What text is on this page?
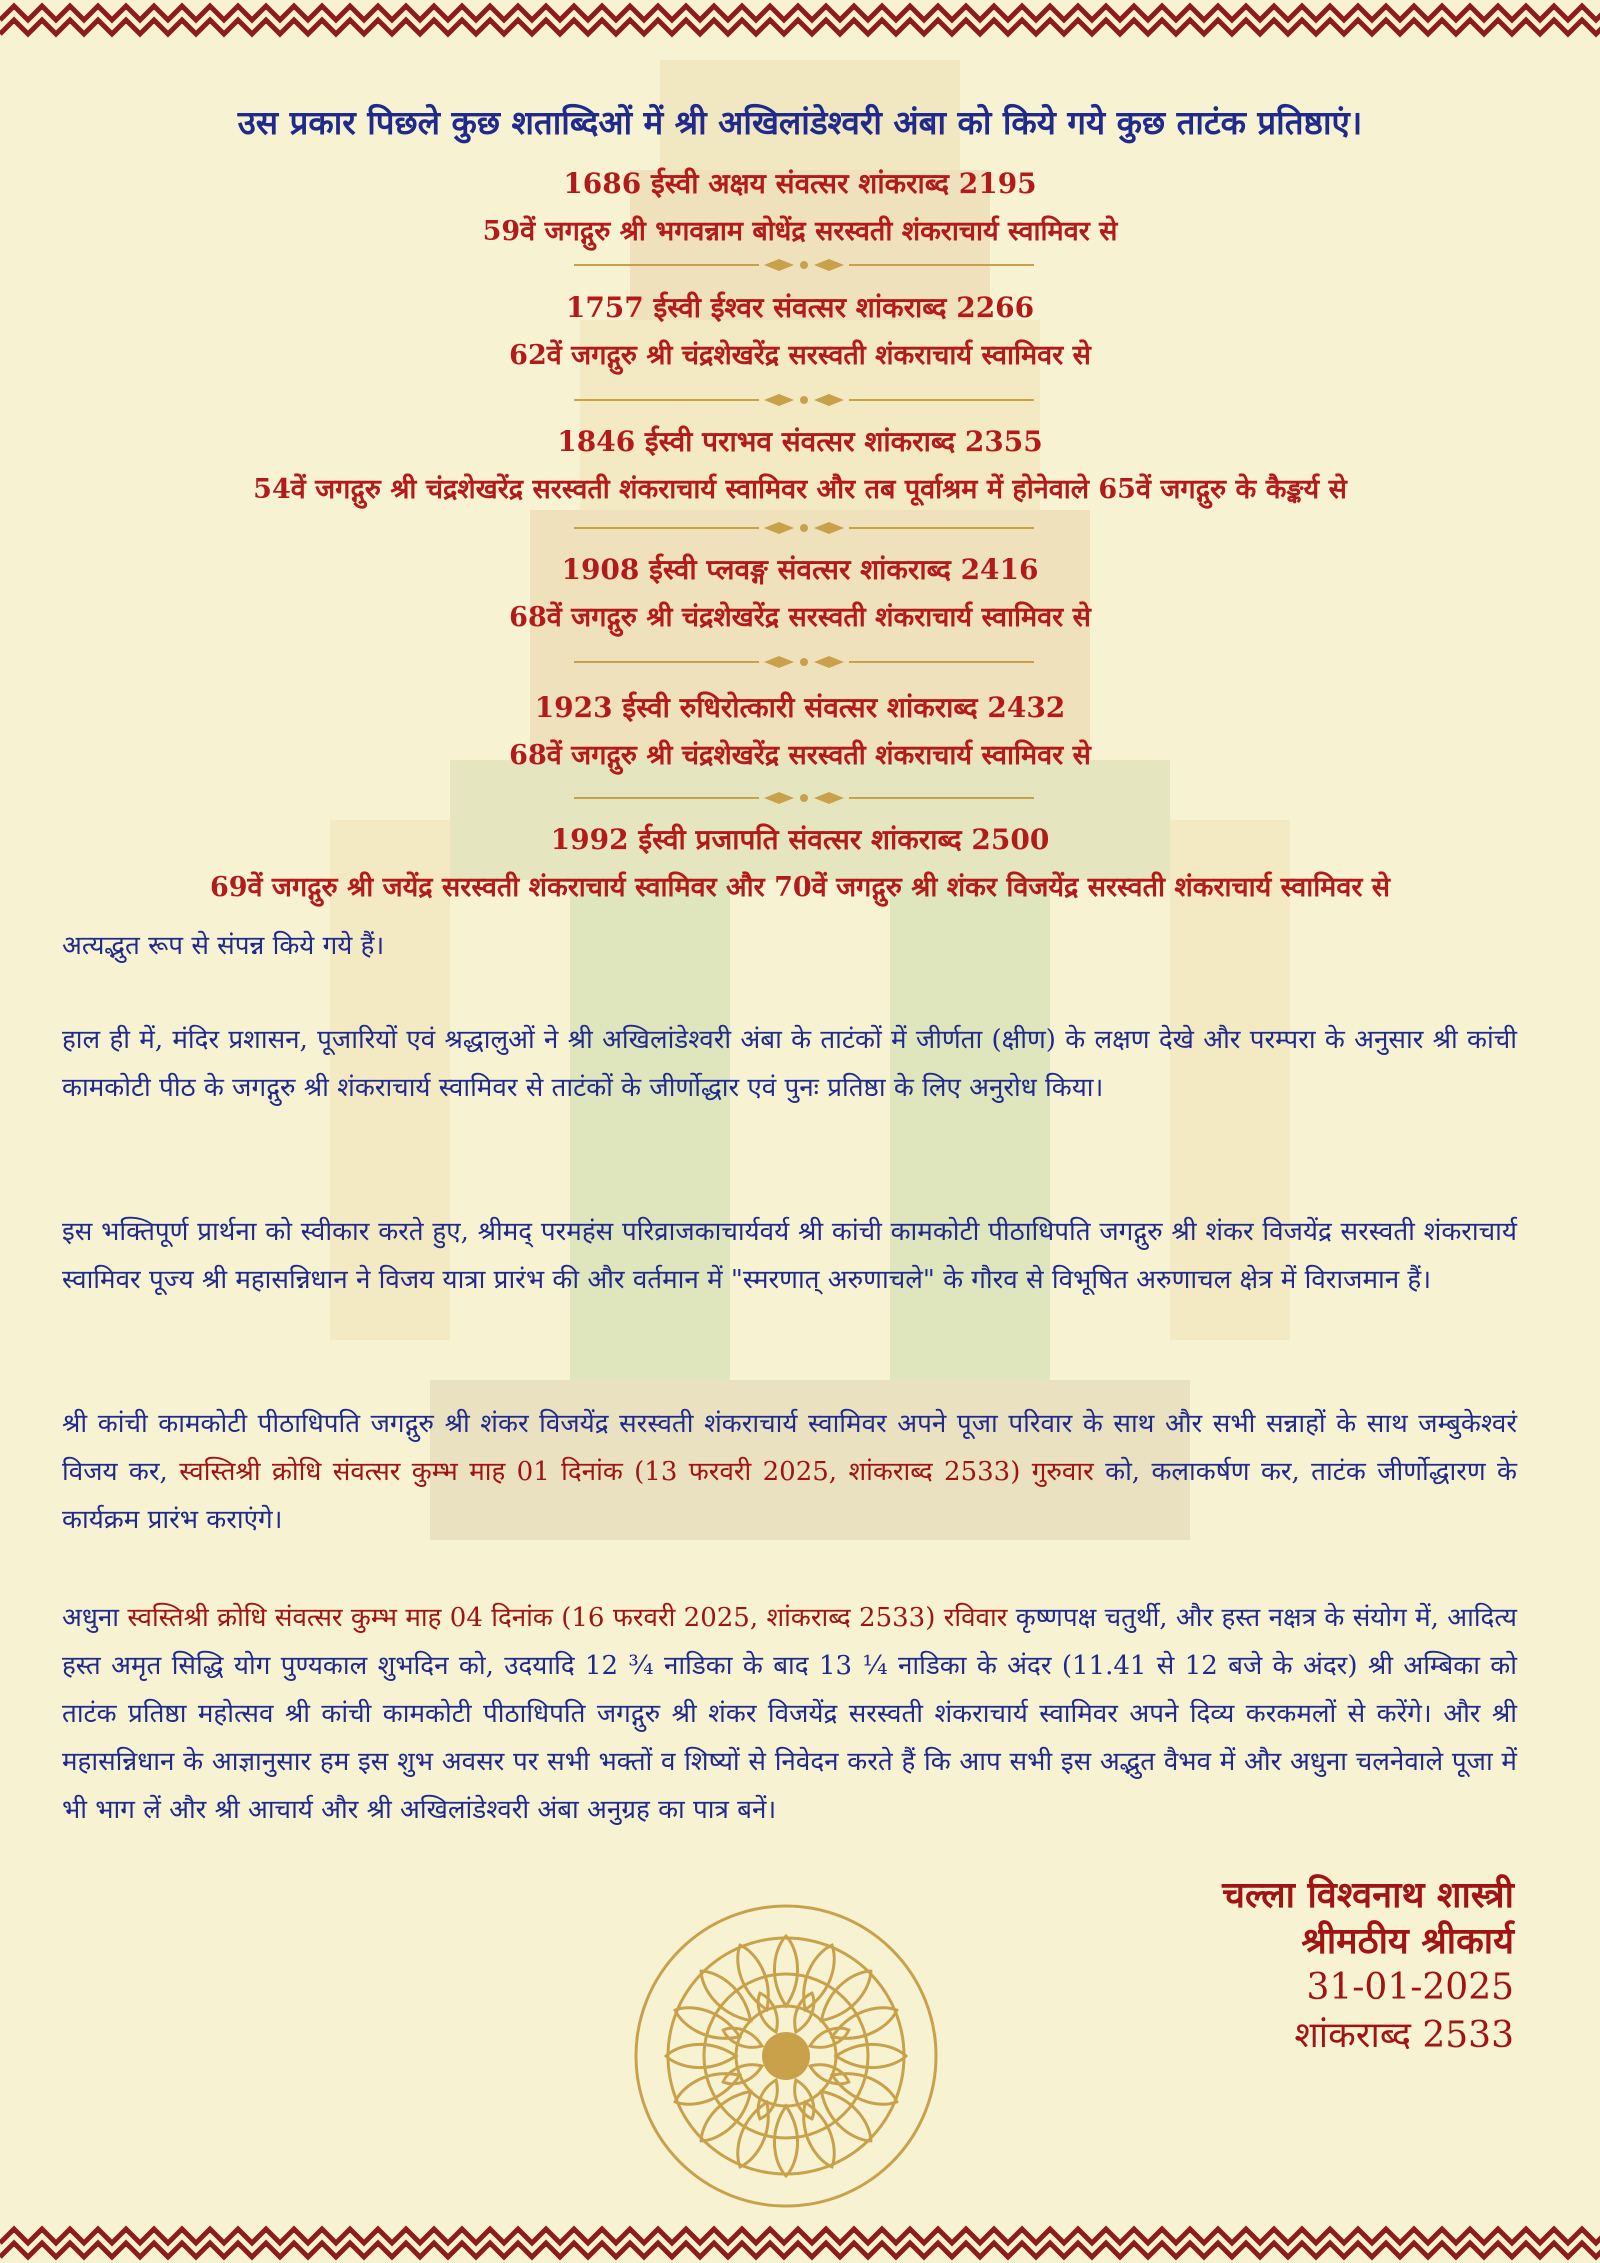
उस प्रकार पिछले कुछ शताब्दिओं में श्री अखिलांडेश्वरी अंबा को किये गये कुछ ताटंक प्रतिष्ठाएं।
1686 ईस्वी अक्षय संवत्सर शांकराब्द 2195
59वें जगद्गुरु श्री भगवन्नाम बोधेंद्र सरस्वती शंकराचार्य स्वामिवर से
1757 ईस्वी ईश्वर संवत्सर शांकराब्द 2266
62वें जगद्गुरु श्री चंद्रशेखरेंद्र सरस्वती शंकराचार्य स्वामिवर से
1846 ईस्वी पराभव संवत्सर शांकराब्द 2355
54वें जगद्गुरु श्री चंद्रशेखरेंद्र सरस्वती शंकराचार्य स्वामिवर और तब पूर्वाश्रम में होनेवाले 65वें जगद्गुरु के कैङ्कर्य से
1908 ईस्वी प्लवङ्ग संवत्सर शांकराब्द 2416
68वें जगद्गुरु श्री चंद्रशेखरेंद्र सरस्वती शंकराचार्य स्वामिवर से
1923 ईस्वी रुधिरोत्कारी संवत्सर शांकराब्द 2432
68वें जगद्गुरु श्री चंद्रशेखरेंद्र सरस्वती शंकराचार्य स्वामिवर से
1992 ईस्वी प्रजापति संवत्सर शांकराब्द 2500
69वें जगद्गुरु श्री जयेंद्र सरस्वती शंकराचार्य स्वामिवर और 70वें जगद्गुरु श्री शंकर विजयेंद्र सरस्वती शंकराचार्य स्वामिवर से
अत्यद्भुत रूप से संपन्न किये गये हैं।
हाल ही में, मंदिर प्रशासन, पूजारियों एवं श्रद्धालुओं ने श्री अखिलांडेश्वरी अंबा के ताटंकों में जीर्णता (क्षीण) के लक्षण देखे और परम्परा के अनुसार श्री कांची कामकोटी पीठ के जगद्गुरु श्री शंकराचार्य स्वामिवर से ताटंकों के जीर्णोद्धार एवं पुनः प्रतिष्ठा के लिए अनुरोध किया।
इस भक्तिपूर्ण प्रार्थना को स्वीकार करते हुए, श्रीमद् परमहंस परिव्राजकाचार्यवर्य श्री कांची कामकोटी पीठाधिपति जगद्गुरु श्री शंकर विजयेंद्र सरस्वती शंकराचार्य स्वामिवर पूज्य श्री महासन्निधान ने विजय यात्रा प्रारंभ की और वर्तमान में "स्मरणात् अरुणाचले" के गौरव से विभूषित अरुणाचल क्षेत्र में विराजमान हैं।
श्री कांची कामकोटी पीठाधिपति जगद्गुरु श्री शंकर विजयेंद्र सरस्वती शंकराचार्य स्वामिवर अपने पूजा परिवार के साथ और सभी सन्नाहों के साथ जम्बुकेश्वरं विजय कर, स्वस्तिश्री क्रोधि संवत्सर कुम्भ माह 01 दिनांक (13 फरवरी 2025, शांकराब्द 2533) गुरुवार को, कलाकर्षण कर, ताटंक जीर्णोद्धारण के कार्यक्रम प्रारंभ कराएंगे।
अधुना स्वस्तिश्री क्रोधि संवत्सर कुम्भ माह 04 दिनांक (16 फरवरी 2025, शांकराब्द 2533) रविवार कृष्णपक्ष चतुर्थी, और हस्त नक्षत्र के संयोग में, आदित्य हस्त अमृत सिद्धि योग पुण्यकाल शुभदिन को, उदयादि 12 ¾ नाडिका के बाद 13 ¼ नाडिका के अंदर (11.41 से 12 बजे के अंदर) श्री अम्बिका को ताटंक प्रतिष्ठा महोत्सव श्री कांची कामकोटी पीठाधिपति जगद्गुरु श्री शंकर विजयेंद्र सरस्वती शंकराचार्य स्वामिवर अपने दिव्य करकमलों से करेंगे। और श्री महासन्निधान के आज्ञानुसार हम इस शुभ अवसर पर सभी भक्तों व शिष्यों से निवेदन करते हैं कि आप सभी इस अद्भुत वैभव में और अधुना चलनेवाले पूजा में भी भाग लें और श्री आचार्य और श्री अखिलांडेश्वरी अंबा अनुग्रह का पात्र बनें।
चल्ला विश्वनाथ शास्त्री
श्रीमठीय श्रीकार्य
31-01-2025
शांकराब्द 2533
